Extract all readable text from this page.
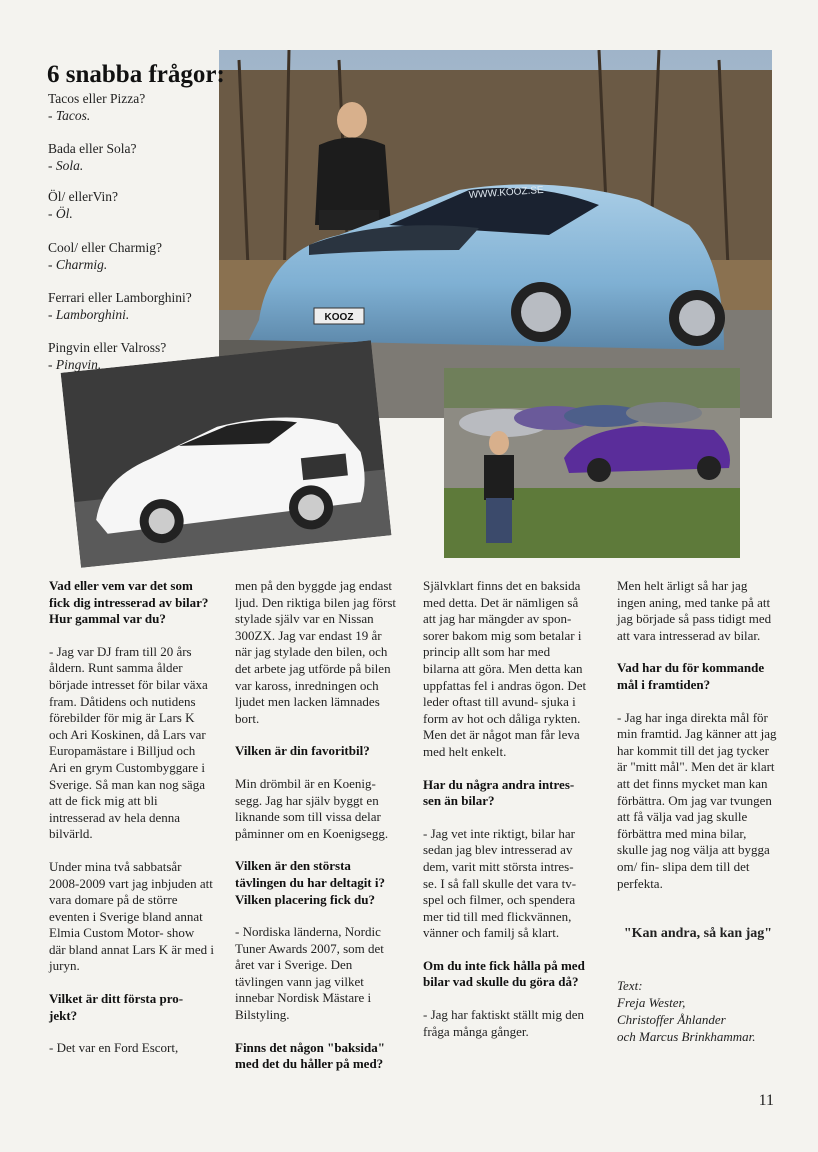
KOOZ
WWW.KOOZ.SE
6 snabba frågor:
Tacos eller Pizza?
- Tacos.
Bada eller Sola?
- Sola.
Öl/ ellerVin?
- Öl.
Cool/ eller Charmig?
- Charmig.
Ferrari eller Lamborghini?
- Lamborghini.
Pingvin eller Valross?
- Pingvin.

Vad eller vem var det som fick dig intresserad av bilar? Hur gammal var du?

- Jag var DJ fram till 20 års åldern. Runt samma ålder började intresset för bilar växa fram. Dåtidens och nutidens förebilder för mig är Lars K och Ari Koskinen, då Lars var Europamästare i Billjud och Ari en grym Custombyggare i Sverige. Så man kan nog säga att de fick mig att bli intresserad av hela denna bilvärld.

Under mina två sabbatsår 2008-2009 vart jag inbjuden att vara domare på de större eventen i Sverige bland annat Elmia Custom Motor- show där bland annat Lars K är med i juryn.

Vilket är ditt första pro- jekt?

- Det var en Ford Escort,

men på den byggde jag endast ljud. Den riktiga bilen jag först stylade själv var en Nissan 300ZX. Jag var endast 19 år när jag stylade den bilen, och det arbete jag utförde på bilen var kaross, inredningen och ljudet men lacken lämnades bort.

Vilken är din favoritbil?

Min drömbil är en Koenig- segg. Jag har själv byggt en liknande som till vissa delar påminner om en Koenigsegg.

Vilken är den största tävlingen du har deltagit i? Vilken placering fick du?

- Nordiska länderna, Nordic Tuner Awards 2007, som det året var i Sverige. Den tävlingen vann jag vilket innebar Nordisk Mästare i Bilstyling.

Finns det någon "baksida" med det du håller på med?

Självklart finns det en baksida med detta. Det är nämligen så att jag har mängder av spon- sorer bakom mig som betalar i princip allt som har med bilarna att göra. Men detta kan uppfattas fel i andras ögon. Det leder oftast till avund- sjuka i form av hot och dåliga rykten. Men det är något man får leva med helt enkelt.

Har du några andra intres- sen än bilar?

- Jag vet inte riktigt, bilar har sedan jag blev intresserad av dem, varit mitt största intres- se. I så fall skulle det vara tv- spel och filmer, och spendera mer tid till med flickvännen, vänner och familj så klart.

Om du inte fick hålla på med bilar vad skulle du göra då?

- Jag har faktiskt ställt mig den fråga många gånger.

Men helt ärligt så har jag ingen aning, med tanke på att jag började så pass tidigt med att vara intresserad av bilar.

Vad har du för kommande mål i framtiden?

- Jag har inga direkta mål för min framtid. Jag känner att jag har kommit till det jag tycker är "mitt mål". Men det är klart att det finns mycket man kan förbättra. Om jag var tvungen att få välja vad jag skulle förbättra med mina bilar, skulle jag nog välja att bygga om/ fin- slipa dem till det perfekta.

"Kan andra, så kan jag"
Text:
Freja Wester,
Christoffer Åhlander
och Marcus Brinkhammar.
11
